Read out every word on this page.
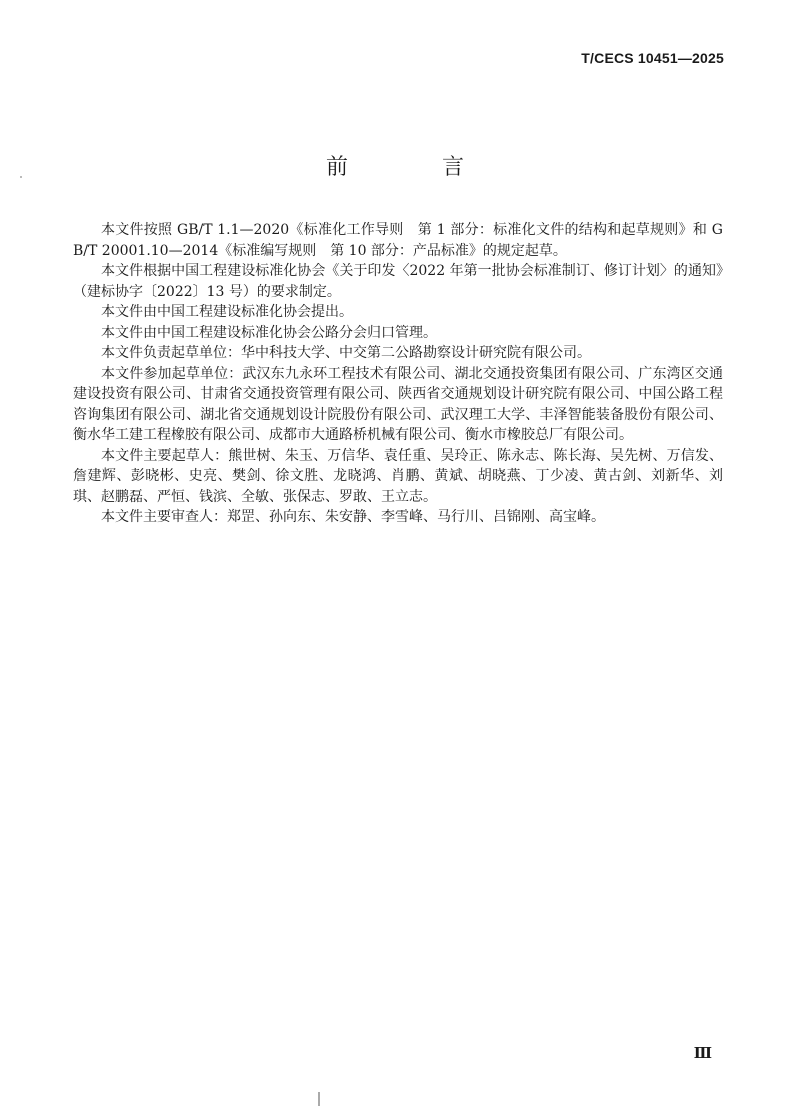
T/CECS 10451—2025
前　言

本文件按照 GB/T 1.1—2020《标准化工作导则　第 1 部分：标准化文件的结构和起草规则》和 GB/T 20001.10—2014《标准编写规则　第 10 部分：产品标准》的规定起草。

本文件根据中国工程建设标准化协会《关于印发〈2022 年第一批协会标准制订、修订计划〉的通知》（建标协字〔2022〕13 号）的要求制定。

本文件由中国工程建设标准化协会提出。

本文件由中国工程建设标准化协会公路分会归口管理。

本文件负责起草单位：华中科技大学、中交第二公路勘察设计研究院有限公司。

本文件参加起草单位：武汉东九永环工程技术有限公司、湖北交通投资集团有限公司、广东湾区交通建设投资有限公司、甘肃省交通投资管理有限公司、陕西省交通规划设计研究院有限公司、中国公路工程咨询集团有限公司、湖北省交通规划设计院股份有限公司、武汉理工大学、丰泽智能装备股份有限公司、衡水华工建工程橡胶有限公司、成都市大通路桥机械有限公司、衡水市橡胶总厂有限公司。

本文件主要起草人：熊世树、朱玉、万信华、袁任重、吴玲正、陈永志、陈长海、吴先树、万信发、詹建辉、彭晓彬、史亮、樊剑、徐文胜、龙晓鸿、肖鹏、黄斌、胡晓燕、丁少凌、黄古剑、刘新华、刘琪、赵鹏磊、严恒、钱滨、全敏、张保志、罗敢、王立志。

本文件主要审查人：郑罡、孙向东、朱安静、李雪峰、马行川、吕锦刚、高宝峰。

Ⅲ
